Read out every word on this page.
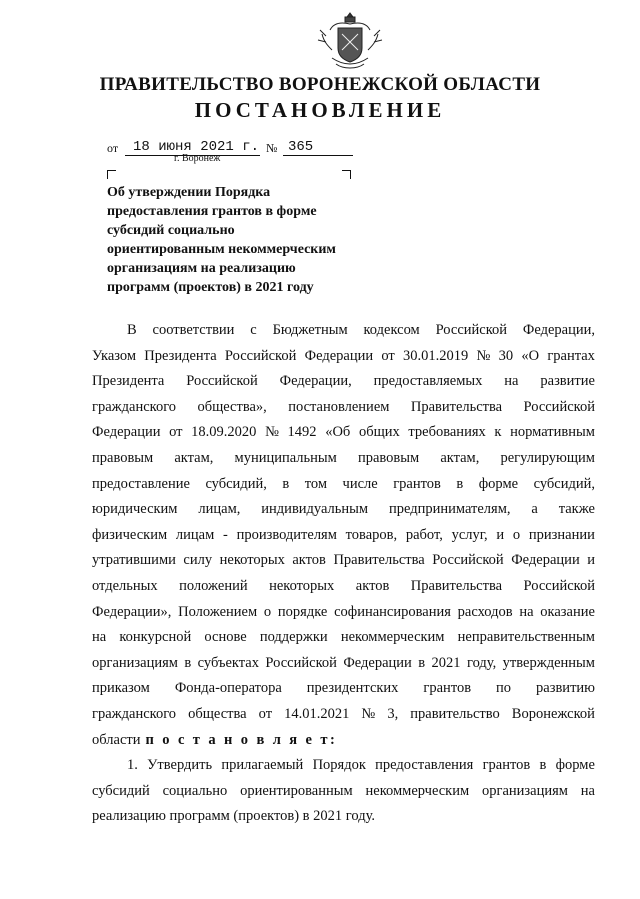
ПРАВИТЕЛЬСТВО ВОРОНЕЖСКОЙ ОБЛАСТИ
ПОСТАНОВЛЕНИЕ
от 18 июня 2021 г. № 365
г. Воронеж
Об утверждении Порядка
предоставления грантов в форме
субсидий социально
ориентированным некоммерческим
организациям на реализацию
программ (проектов) в 2021 году
В соответствии с Бюджетным кодексом Российской Федерации,
Указом Президента Российской Федерации от 30.01.2019 № 30 «О грантах
Президента Российской Федерации, предоставляемых на развитие
гражданского общества», постановлением Правительства Российской
Федерации от 18.09.2020 № 1492 «Об общих требованиях к нормативным
правовым актам, муниципальным правовым актам, регулирующим
предоставление субсидий, в том числе грантов в форме субсидий,
юридическим лицам, индивидуальным предпринимателям, а также
физическим лицам - производителям товаров, работ, услуг, и о признании
утратившими силу некоторых актов Правительства Российской Федерации и
отдельных положений некоторых актов Правительства Российской
Федерации», Положением о порядке софинансирования расходов на оказание
на конкурсной основе поддержки некоммерческим неправительственным
организациям в субъектах Российской Федерации в 2021 году, утвержденным
приказом Фонда-оператора президентских грантов по развитию
гражданского общества от 14.01.2021 № 3, правительство Воронежской
области п о с т а н о в л я е т:
1. Утвердить прилагаемый Порядок предоставления грантов в форме
субсидий социально ориентированным некоммерческим организациям на
реализацию программ (проектов) в 2021 году.
